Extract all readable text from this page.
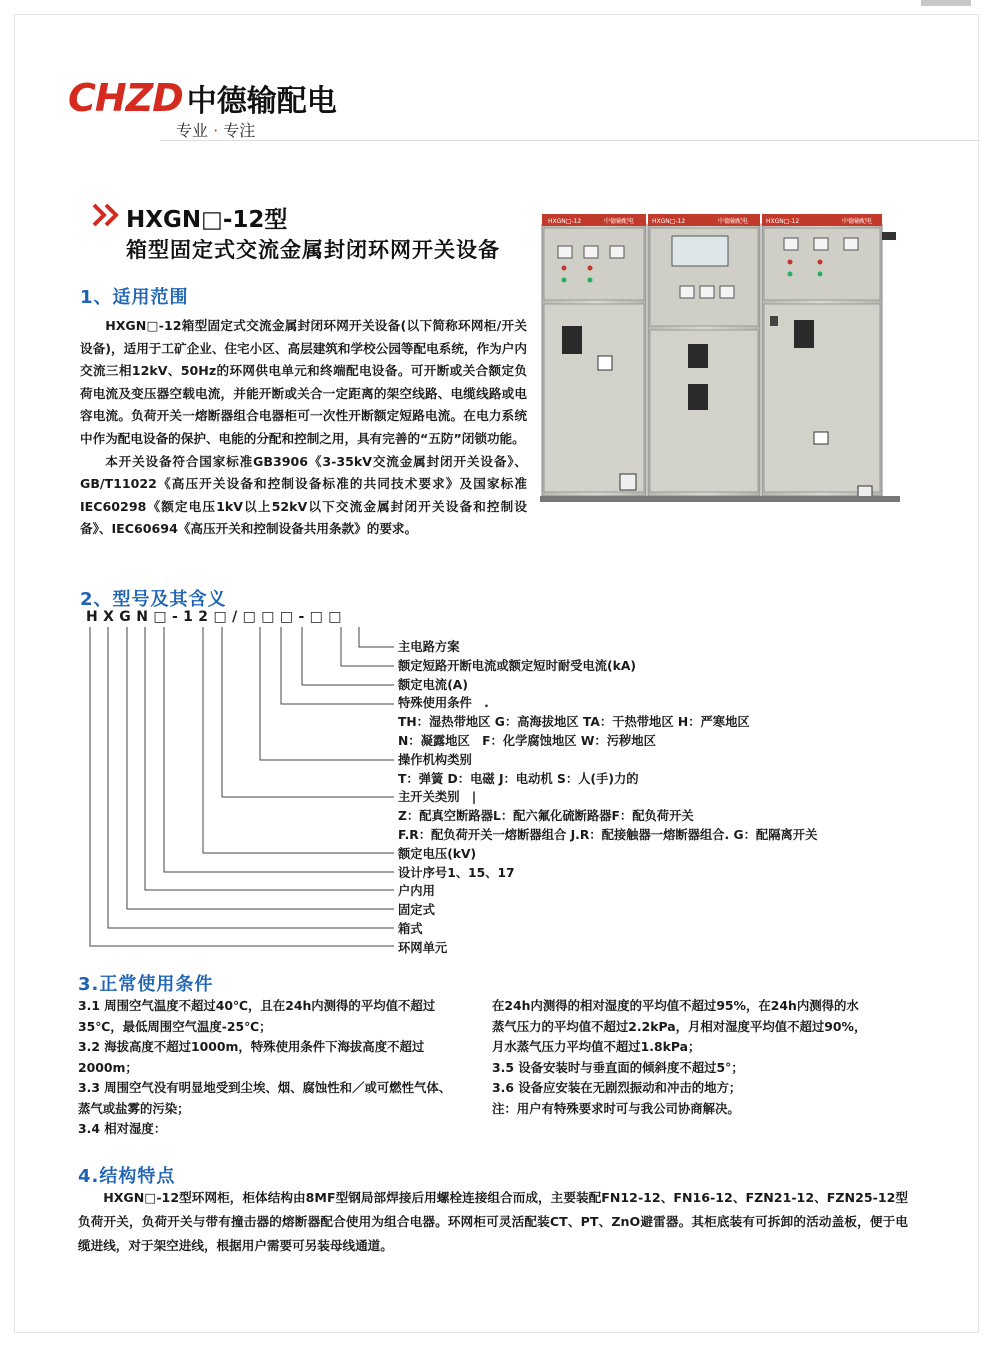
CHZD 中德输配电
专业 · 专注
HXGN□-12型
箱型固定式交流金属封闭环网开关设备
HXGN□-12	中德输配电	HXGN□-12	中德输配电	HXGN□-12	中德输配电
1、适用范围

HXGN□-12箱型固定式交流金属封闭环网开关设备(以下简称环网柜/开关设备)，适用于工矿企业、住宅小区、高层建筑和学校公园等配电系统，作为户内交流三相12kV、50Hz的环网供电单元和终端配电设备。可开断或关合额定负荷电流及变压器空载电流，并能开断或关合一定距离的架空线路、电缆线路或电容电流。负荷开关一熔断器组合电器柜可一次性开断额定短路电流。在电力系统中作为配电设备的保护、电能的分配和控制之用，具有完善的“五防”闭锁功能。

本开关设备符合国家标准GB3906《3-35kV交流金属封闭开关设备》、GB/T11022《高压开关设备和控制设备标准的共同技术要求》及国家标准IEC60298《额定电压1kV以上52kV以下交流金属封闭开关设备和控制设备》、IEC60694《高压开关和控制设备共用条款》的要求。

2、型号及其含义
HXGN□-12□/□□□-□□
主电路方案
额定短路开断电流或额定短时耐受电流(kA)
额定电流(A)
特殊使用条件　.
TH：湿热带地区 G：高海拔地区 TA：干热带地区 H：严寒地区
N：凝露地区　F：化学腐蚀地区 W：污秽地区
操作机构类别
T：弹簧 D：电磁 J：电动机 S：人(手)力的
主开关类别　|
Z：配真空断路器L：配六氟化硫断路器F：配负荷开关
F.R：配负荷开关一熔断器组合 J.R：配接触器一熔断器组合. G：配隔离开关
额定电压(kV)
设计序号1、15、17
户内用
固定式
箱式
环网单元
3.正常使用条件

3.1 周围空气温度不超过40℃，且在24h内测得的平均值不超过35℃，最低周围空气温度-25℃；

3.2 海拔高度不超过1000m，特殊使用条件下海拔高度不超过2000m；

3.3 周围空气没有明显地受到尘埃、烟、腐蚀性和／或可燃性气体、蒸气或盐雾的污染；

3.4 相对湿度：

在24h内测得的相对湿度的平均值不超过95%，在24h内测得的水蒸气压力的平均值不超过2.2kPa，月相对湿度平均值不超过90%，月水蒸气压力平均值不超过1.8kPa；

3.5 设备安装时与垂直面的倾斜度不超过5°；

3.6 设备应安装在无剧烈振动和冲击的地方；

注：用户有特殊要求时可与我公司协商解决。

4.结构特点

HXGN□-12型环网柜，柜体结构由8MF型钢局部焊接后用螺栓连接组合而成，主要装配FN12-12、FN16-12、FZN21-12、FZN25-12型负荷开关，负荷开关与带有撞击器的熔断器配合使用为组合电器。环网柜可灵活配装CT、PT、ZnO避雷器。其柜底装有可拆卸的活动盖板，便于电缆进线，对于架空进线，根据用户需要可另装母线通道。
